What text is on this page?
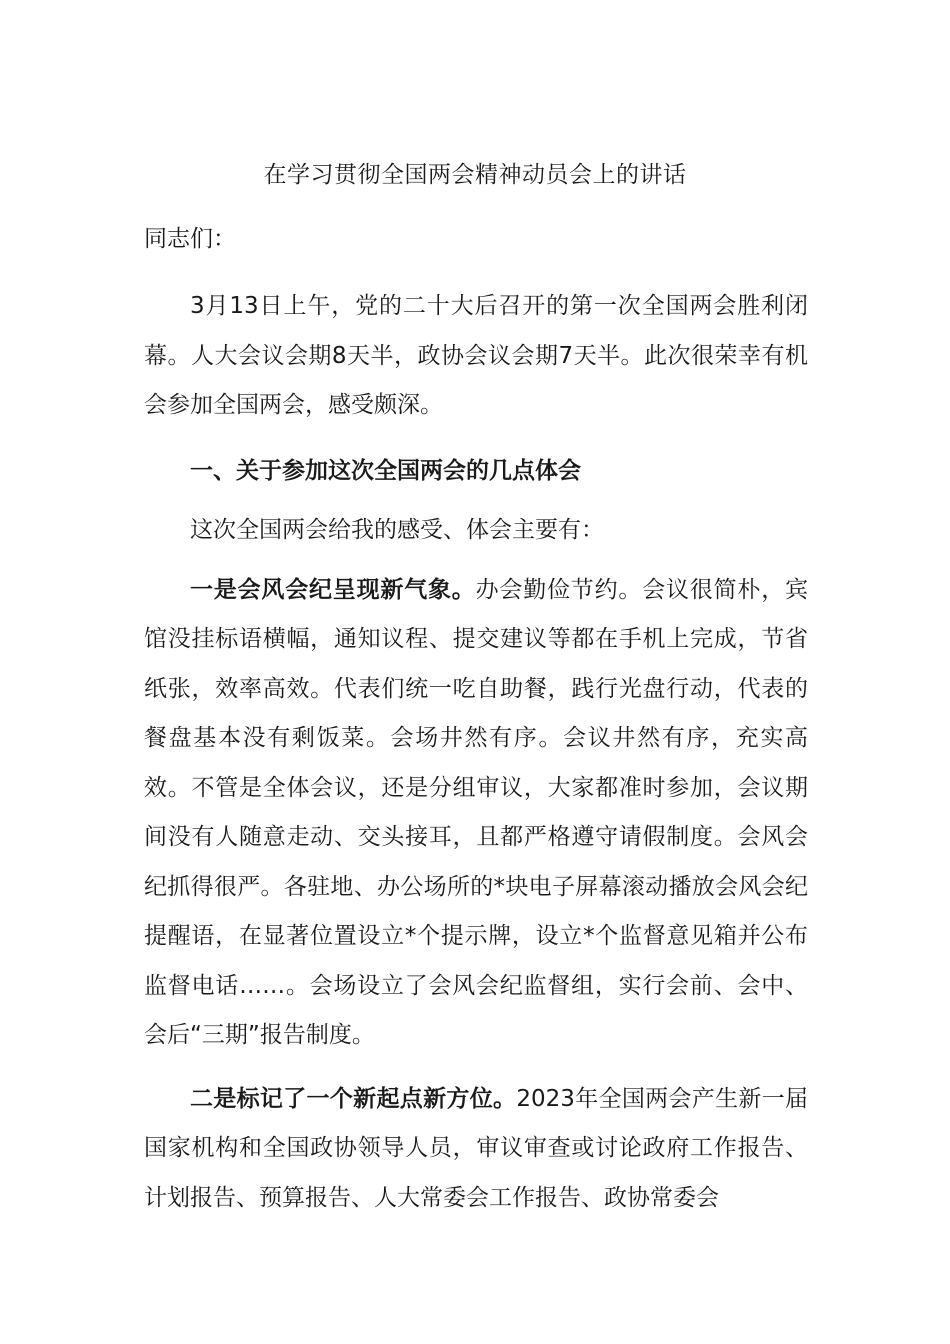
在学习贯彻全国两会精神动员会上的讲话
同志们：

3月13日上午，党的二十大后召开的第一次全国两会胜利闭幕。人大会议会期8天半，政协会议会期7天半。此次很荣幸有机会参加全国两会，感受颇深。

一、关于参加这次全国两会的几点体会

这次全国两会给我的感受、体会主要有：

一是会风会纪呈现新气象。办会勤俭节约。会议很简朴，宾馆没挂标语横幅，通知议程、提交建议等都在手机上完成，节省纸张，效率高效。代表们统一吃自助餐，践行光盘行动，代表的餐盘基本没有剩饭菜。会场井然有序。会议井然有序，充实高效。不管是全体会议，还是分组审议，大家都准时参加，会议期间没有人随意走动、交头接耳，且都严格遵守请假制度。会风会纪抓得很严。各驻地、办公场所的*块电子屏幕滚动播放会风会纪提醒语，在显著位置设立*个提示牌，设立*个监督意见箱并公布监督电话……。会场设立了会风会纪监督组，实行会前、会中、会后“三期”报告制度。

二是标记了一个新起点新方位。2023年全国两会产生新一届国家机构和全国政协领导人员，审议审查或讨论政府工作报告、计划报告、预算报告、人大常委会工作报告、政协常委会
